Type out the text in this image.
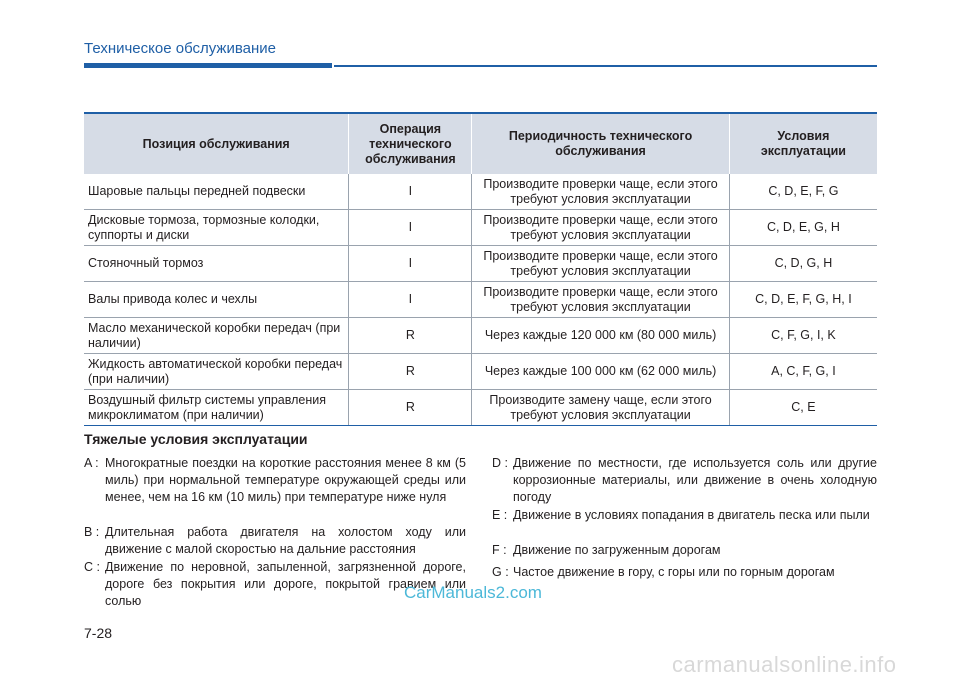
Техническое обслуживание
Позиция обслуживания	Операция технического обслуживания	Периодичность технического обслуживания	Условия эксплуатации
Шаровые пальцы передней подвески	I	Производите проверки чаще, если этого требуют условия эксплуатации	C, D, E, F, G
Дисковые тормоза, тормозные колодки, суппорты и диски	I	Производите проверки чаще, если этого требуют условия эксплуатации	C, D, E, G, H
Стояночный тормоз	I	Производите проверки чаще, если этого требуют условия эксплуатации	C, D, G, H
Валы привода колес и чехлы	I	Производите проверки чаще, если этого требуют условия эксплуатации	C, D, E, F, G, H, I
Масло механической коробки передач (при наличии)	R	Через каждые 120 000 км (80 000 миль)	C, F, G, I, K
Жидкость автоматической коробки передач (при наличии)	R	Через каждые 100 000 км (62 000 миль)	A, C, F, G, I
Воздушный фильтр системы управления микроклиматом (при наличии)	R	Производите замену чаще, если этого требуют условия эксплуатации	C, E
Тяжелые условия эксплуатации
A : Многократные поездки на короткие расстояния менее 8 км (5 миль) при нормальной температуре окружающей среды или менее, чем на 16 км (10 миль) при температуре ниже нуля
B : Длительная работа двигателя на холостом ходу или движение с малой скоростью на дальние расстояния
C : Движение по неровной, запыленной, загрязненной дороге, дороге без покрытия или дороге, покрытой гравием или солью
D : Движение по местности, где используется соль или другие коррозионные материалы, или движение в очень холодную погоду
E : Движение в условиях попадания в двигатель песка или пыли
F : Движение по загруженным дорогам
G : Частое движение в гору, с горы или по горным дорогам
CarManuals2.com
7-28
carmanualsonline.info
